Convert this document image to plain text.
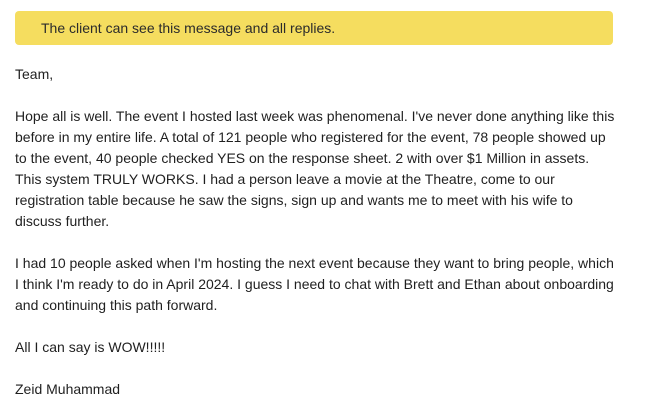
The client can see this message and all replies.

Team,

Hope all is well. The event I hosted last week was phenomenal. I've never done anything like this before in my entire life. A total of 121 people who registered for the event, 78 people showed up to the event, 40 people checked YES on the response sheet. 2 with over $1 Million in assets. This system TRULY WORKS. I had a person leave a movie at the Theatre, come to our registration table because he saw the signs, sign up and wants me to meet with his wife to discuss further.

I had 10 people asked when I'm hosting the next event because they want to bring people, which I think I'm ready to do in April 2024. I guess I need to chat with Brett and Ethan about onboarding and continuing this path forward.

All I can say is WOW!!!!!

Zeid Muhammad
